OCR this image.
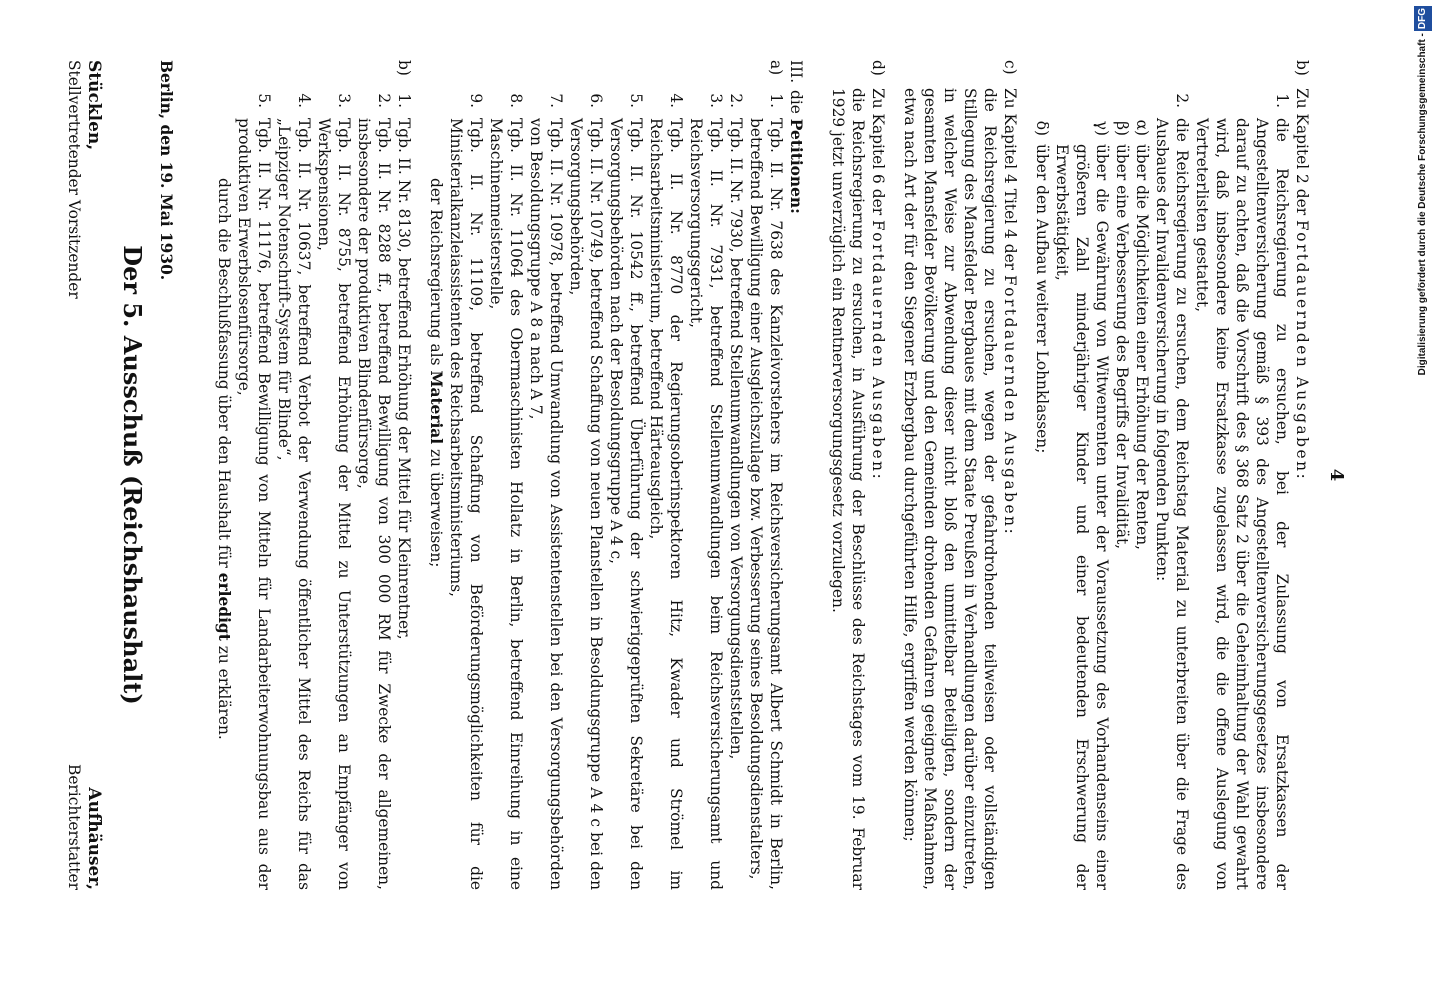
4
b)
Zu Kapitel 2 der Fortdauernden Ausgaben:
1.
die Reichsregierung zu ersuchen, bei der Zulassung von Ersatzkassen der Angestelltenversicherung gemäß § 393 des Angestelltenversicherungsgesetzes insbesondere darauf zu achten, daß die Vorschrift des § 368 Satz 2 über die Geheimhaltung der Wahl gewahrt wird, daß insbesondere keine Ersatzkasse zugelassen wird, die die offene Auslegung von Vertreterlisten gestattet,
2.
die Reichsregierung zu ersuchen, dem Reichstag Material zu unterbreiten über die Frage des Ausbaues der Invalidenversicherung in folgenden Punkten:
α)
über die Möglichkeiten einer Erhöhung der Renten,
β)
über eine Verbesserung des Begriffs der Invalidität,
γ)
über die Gewährung von Witwenrenten unter der Voraussetzung des Vorhandenseins einer größeren Zahl minderjähriger Kinder und einer bedeutenden Erschwerung der Erwerbstätigkeit,
δ)
über den Aufbau weiterer Lohnklassen;
c)
Zu Kapitel 4 Titel 4 der Fortdauernden Ausgaben:
die Reichsregierung zu ersuchen, wegen der gefahrdrohenden teilweisen oder vollständigen Stillegung des Mansfelder Bergbaues mit dem Staate Preußen in Verhandlungen darüber einzutreten, in welcher Weise zur Abwendung dieser nicht bloß den unmittelbar Beteiligten, sondern der gesamten Mansfelder Bevölkerung und den Gemeinden drohenden Gefahren geeignete Maßnahmen, etwa nach Art der für den Siegener Erzbergbau durchgeführten Hilfe, ergriffen werden können;
d)
Zu Kapitel 6 der Fortdauernden Ausgaben:
die Reichsregierung zu ersuchen, in Ausführung der Beschlüsse des Reichstages vom 19. Februar 1929 jetzt unverzüglich ein Rentnerversorgungsgesetz vorzulegen.
III.
die Petitionen:
a)
1.
Tgb. II. Nr. 7638 des Kanzleivorstehers im Reichsversicherungsamt Albert Schmidt in Berlin, betreffend Bewilligung einer Ausgleichszulage bzw. Verbesserung seines Besoldungsdienstalters,
2.
Tgb. II. Nr. 7930, betreffend Stellenumwandlungen von Versorgungsdienststellen,
3.
Tgb. II. Nr. 7931, betreffend Stellenumwandlungen beim Reichsversicherungsamt und Reichsversorgungsgericht,
4.
Tgb. II. Nr. 8770 der Regierungsoberinspektoren Hitz, Kwader und Strömel im Reichsarbeitsministerium, betreffend Härteausgleich,
5.
Tgb. II. Nr. 10542 ff., betreffend Überführung der schwieriggeprüften Sekretäre bei den Versorgungsbehörden nach der Besoldungsgruppe A 4 c,
6.
Tgb. II. Nr. 10749, betreffend Schaffung von neuen Planstellen in Besoldungsgruppe A 4 c bei den Versorgungsbehörden,
7.
Tgb. II. Nr. 10978, betreffend Umwandlung von Assistentenstellen bei den Versorgungsbehörden von Besoldungsgruppe A 8 a nach A 7,
8.
Tgb. II. Nr. 11064 des Obermaschinisten Hollatz in Berlin, betreffend Einreihung in eine Maschinenmeisterstelle,
9.
Tgb. II. Nr. 11109, betreffend Schaffung von Beförderungsmöglichkeiten für die Ministerialkanzleiassistenten des Reichsarbeitsministeriums,
der Reichsregierung als Material zu überweisen;
b)
1.
Tgb. II. Nr. 8130, betreffend Erhöhung der Mittel für Kleinrentner,
2.
Tgb. II. Nr. 8288 ff., betreffend Bewilligung von 300 000 RM für Zwecke der allgemeinen, insbesondere der produktiven Blindenfürsorge,
3.
Tgb. II. Nr. 8755, betreffend Erhöhung der Mittel zu Unterstützungen an Empfänger von Werkspensionen,
4.
Tgb. II. Nr. 10637, betreffend Verbot der Verwendung öffentlicher Mittel des Reichs für das „Leipziger Notenschrift-System für Blinde“,
5.
Tgb. II. Nr. 11176, betreffend Bewilligung von Mitteln für Landarbeiterwohnungsbau aus der produktiven Erwerbslosenfürsorge,
durch die Beschlußfassung über den Haushalt für erledigt zu erklären.
Berlin, den 19. Mai 1930.
Der 5. Ausschuß (Reichshaushalt)
Stücklen,
Stellvertretender Vorsitzender
Aufhäuser,
Berichterstatter
Digitalisierung gefördert durch die Deutsche Forschungsgemeinschaft -DFG
